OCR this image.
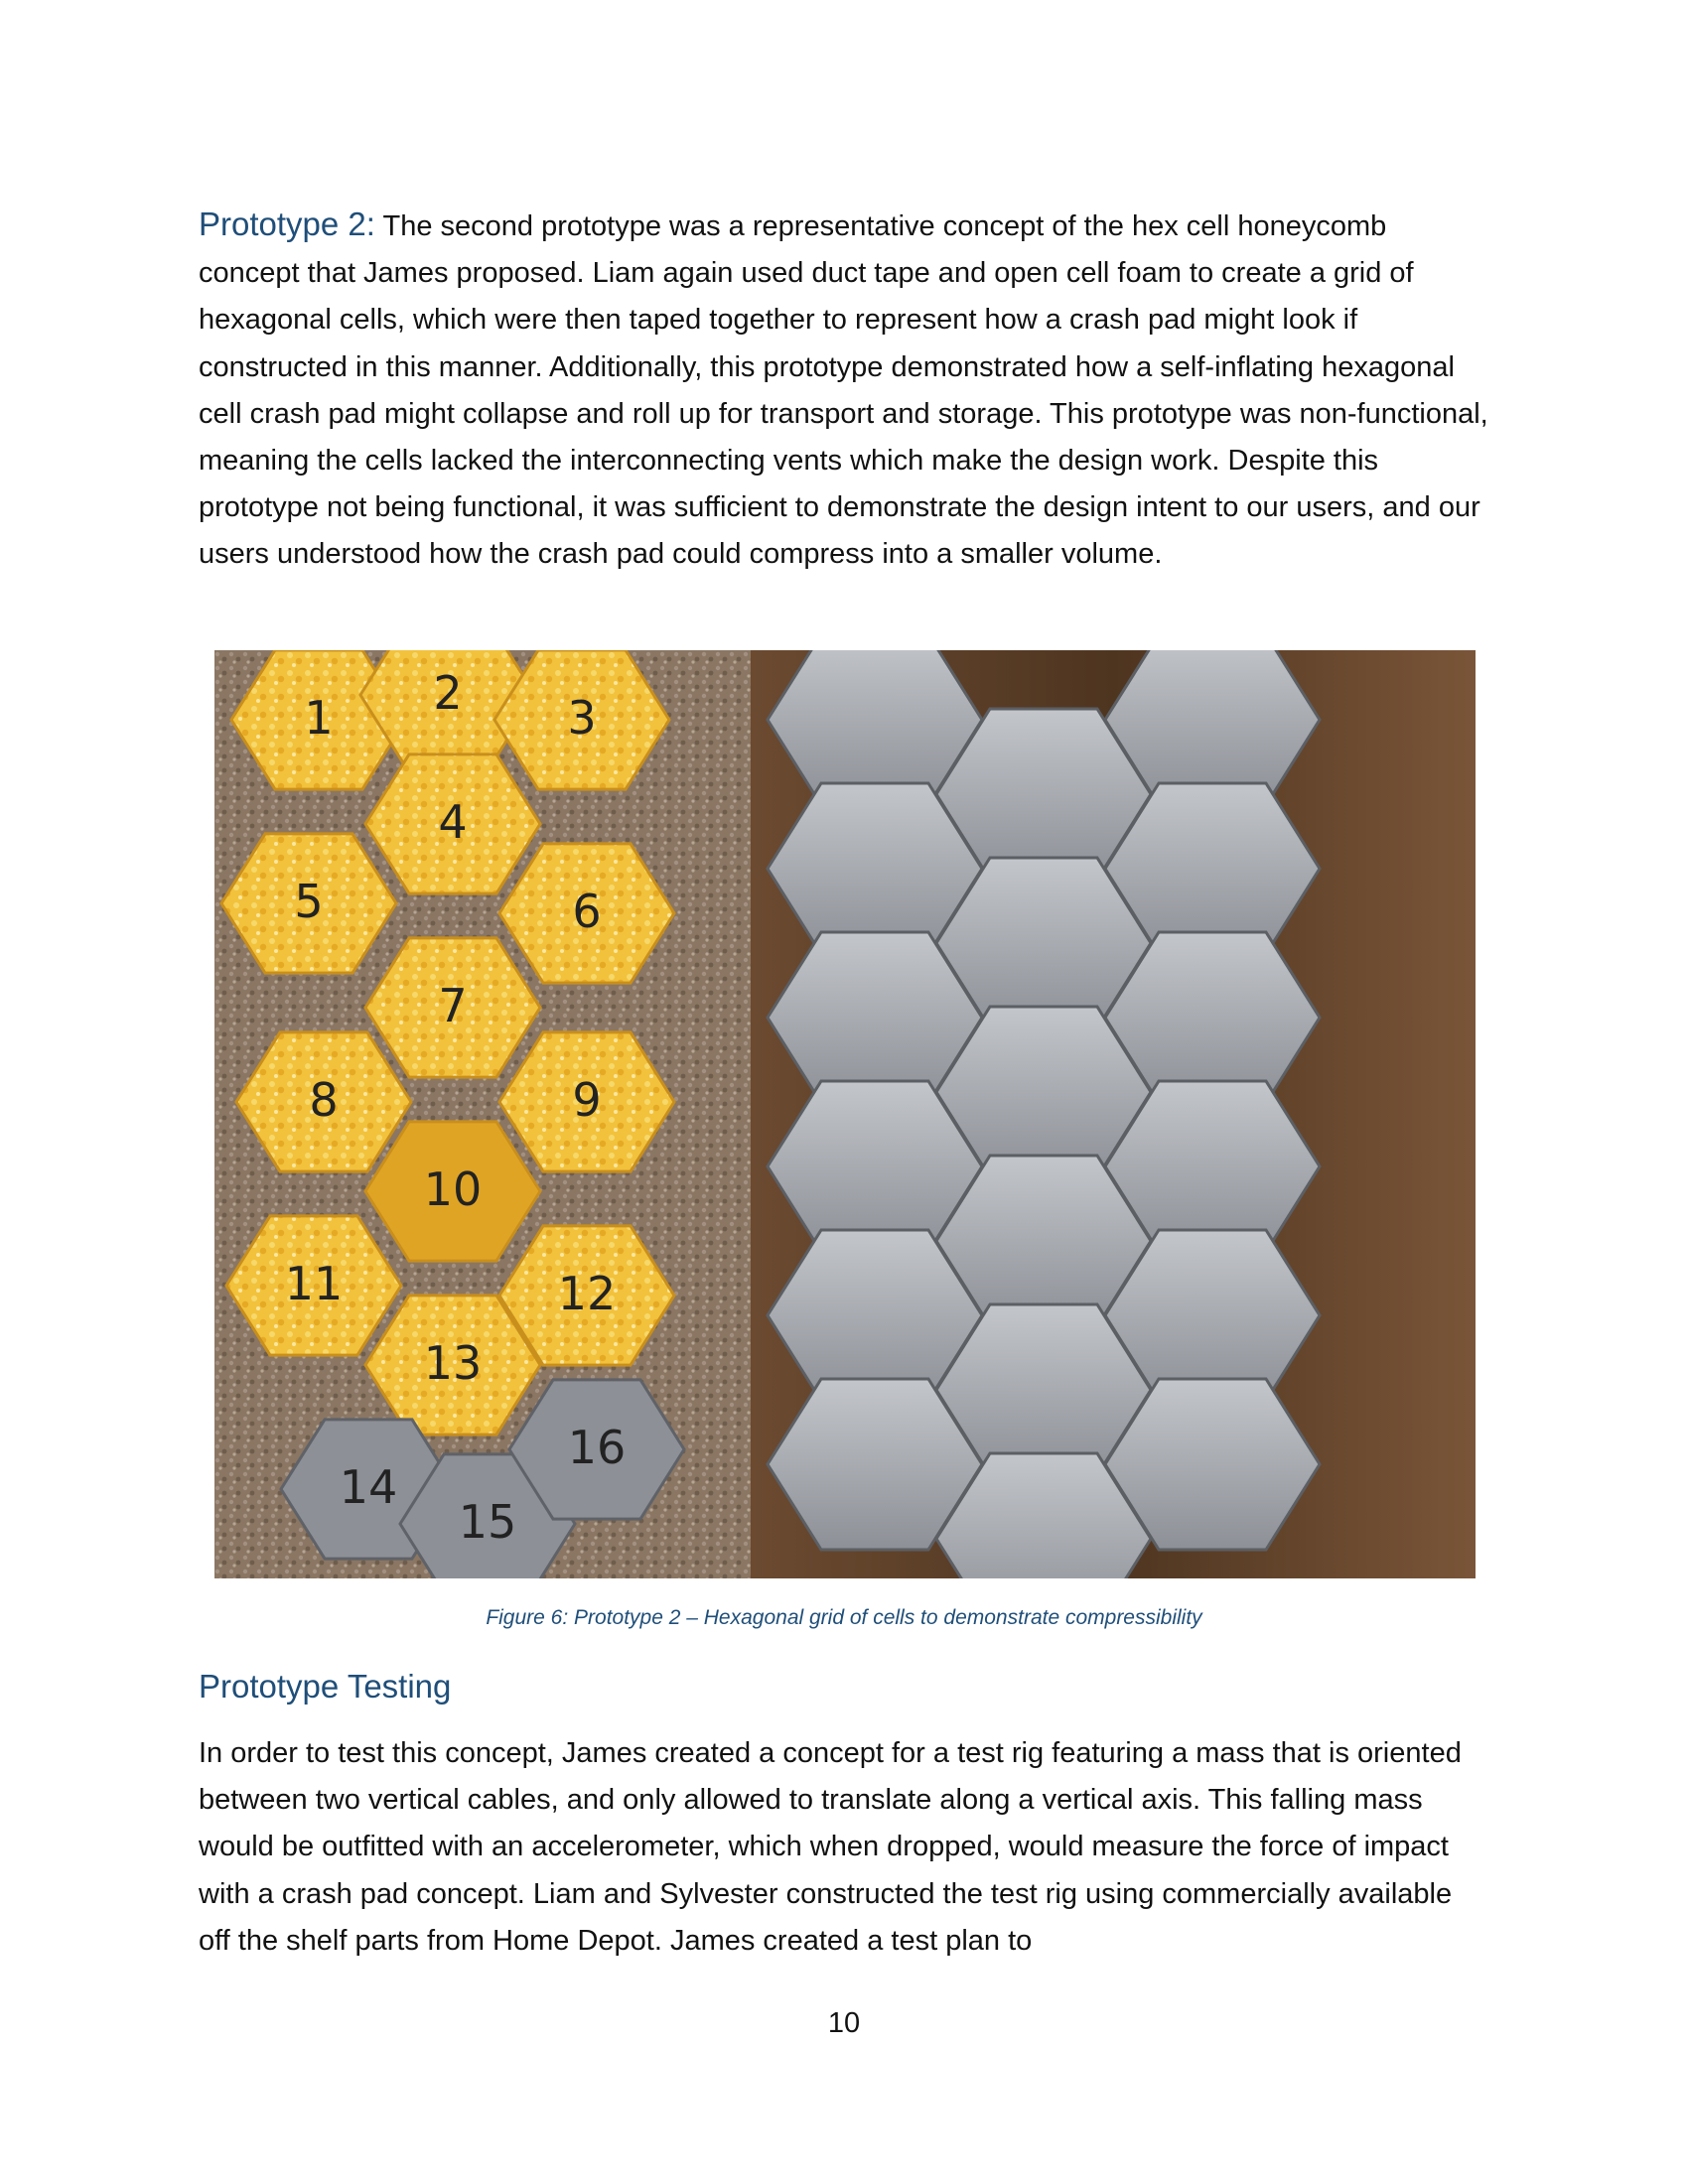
Prototype 2: The second prototype was a representative concept of the hex cell honeycomb concept that James proposed. Liam again used duct tape and open cell foam to create a grid of hexagonal cells, which were then taped together to represent how a crash pad might look if constructed in this manner. Additionally, this prototype demonstrated how a self-inflating hexagonal cell crash pad might collapse and roll up for transport and storage. This prototype was non-functional, meaning the cells lacked the interconnecting vents which make the design work. Despite this prototype not being functional, it was sufficient to demonstrate the design intent to our users, and our users understood how the crash pad could compress into a smaller volume.

1 2 3
4
5	6
7
8	9
10
11	12
13
14
15
16
Figure 6: Prototype 2 – Hexagonal grid of cells to demonstrate compressibility
Prototype Testing

In order to test this concept, James created a concept for a test rig featuring a mass that is oriented between two vertical cables, and only allowed to translate along a vertical axis. This falling mass would be outfitted with an accelerometer, which when dropped, would measure the force of impact with a crash pad concept. Liam and Sylvester constructed the test rig using commercially available off the shelf parts from Home Depot. James created a test plan to

10
